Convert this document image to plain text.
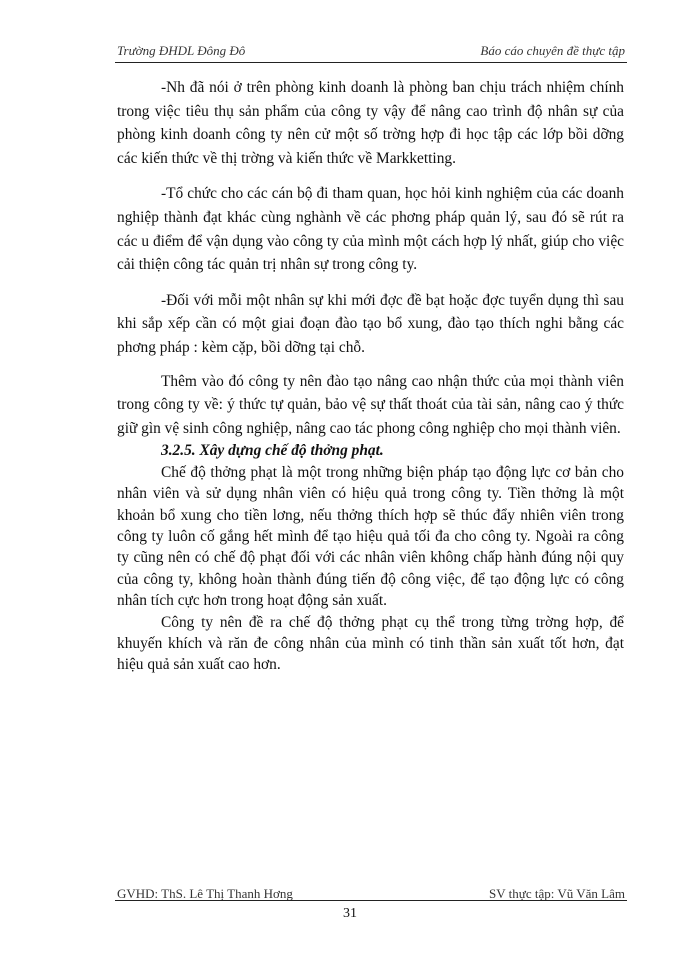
Trường ĐHDL Đông Đô	Báo cáo chuyên đề thực tập

-Nh đã nói ở trên phòng kinh doanh là phòng ban chịu trách nhiệm chính trong việc tiêu thụ sản phẩm của công ty vậy để nâng cao trình độ nhân sự của phòng kinh doanh công ty nên cử một số trờng hợp đi học tập các lớp bồi dỡng các kiến thức về thị trờng và kiến thức về Markketting.

-Tổ chức cho các cán bộ đi tham quan, học hỏi kinh nghiệm của các doanh nghiệp thành đạt khác cùng nghành về các phơng pháp quản lý, sau đó sẽ rút ra các u điểm để vận dụng vào công ty của mình một cách hợp lý nhất, giúp cho việc cải thiện công tác quản trị nhân sự trong công ty.

-Đối với mỗi một nhân sự khi mới đợc đề bạt hoặc đợc tuyển dụng thì sau khi sắp xếp cần có một giai đoạn đào tạo bổ xung, đào tạo thích nghi bằng các phơng pháp : kèm cặp, bồi dỡng tại chỗ.

Thêm vào đó công ty nên đào tạo nâng cao nhận thức của mọi thành viên trong công ty về: ý thức tự quản, bảo vệ sự thất thoát của tài sản, nâng cao ý thức giữ gìn vệ sinh công nghiệp, nâng cao tác phong công nghiệp cho mọi thành viên.

3.2.5. Xây dựng chế độ thởng phạt.

Chế độ thởng phạt là một trong những biện pháp tạo động lực cơ bản cho nhân viên và sử dụng nhân viên có hiệu quả trong công ty. Tiền thởng là một khoản bổ xung cho tiền lơng, nếu thởng thích hợp sẽ thúc đẩy nhiên viên trong công ty luôn cố gắng hết mình để tạo hiệu quả tối đa cho công ty. Ngoài ra công ty cũng nên có chế độ phạt đối với các nhân viên không chấp hành đúng nội quy của công ty, không hoàn thành đúng tiến độ công việc, để tạo động lực có công nhân tích cực hơn trong hoạt động sản xuất.

Công ty nên đề ra chế độ thởng phạt cụ thể trong từng trờng hợp, để khuyến khích và răn đe công nhân của mình có tinh thần sản xuất tốt hơn, đạt hiệu quả sản xuất cao hơn.

GVHD: ThS. Lê Thị Thanh Hơng	SV thực tập: Vũ Văn Lâm
31
